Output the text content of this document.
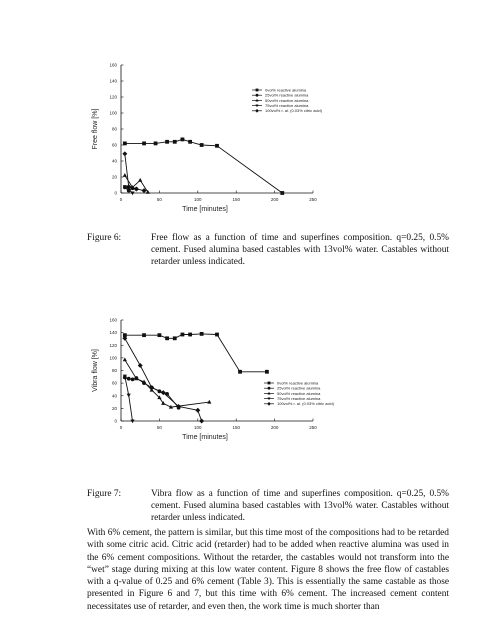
0
20
40
60
80
100
120
140
160
0	50	100	150	200	250
Time [minutes]
Free flow [%]
0vol% reactive alumina
25vol% reactive alumina
50vol% reactive alumina
75vol% reactive alumina
100vol% r. al. (0.03% citric acid)
Figure 6:	Free flow as a function of time and superfines composition. q=0.25, 0.5% cement. Fused alumina based castables with 13vol% water. Castables without retarder unless indicated.
0
20
40
60
80
100
120
140
160
0	50	100	150	200	250
Time [minutes]
Vibra flow [%]	0vol% reactive alumina
25vol% reactive alumina
50vol% reactive alumina
75vol% reactive alumina
100vol% r. al. (0.03% citric acid)
Figure 7:	Vibra flow as a function of time and superfines composition. q=0.25, 0.5% cement. Fused alumina based castables with 13vol% water. Castables without retarder unless indicated.
With 6% cement, the pattern is similar, but this time most of the compositions had to be retarded with some citric acid. Citric acid (retarder) had to be added when reactive alumina was used in the 6% cement compositions. Without the retarder, the castables would not transform into the “wet” stage during mixing at this low water content. Figure 8 shows the free flow of castables with a q-value of 0.25 and 6% cement (Table 3). This is essentially the same castable as those presented in Figure 6 and 7, but this time with 6% cement. The increased cement content necessitates use of retarder, and even then, the work time is much shorter than
